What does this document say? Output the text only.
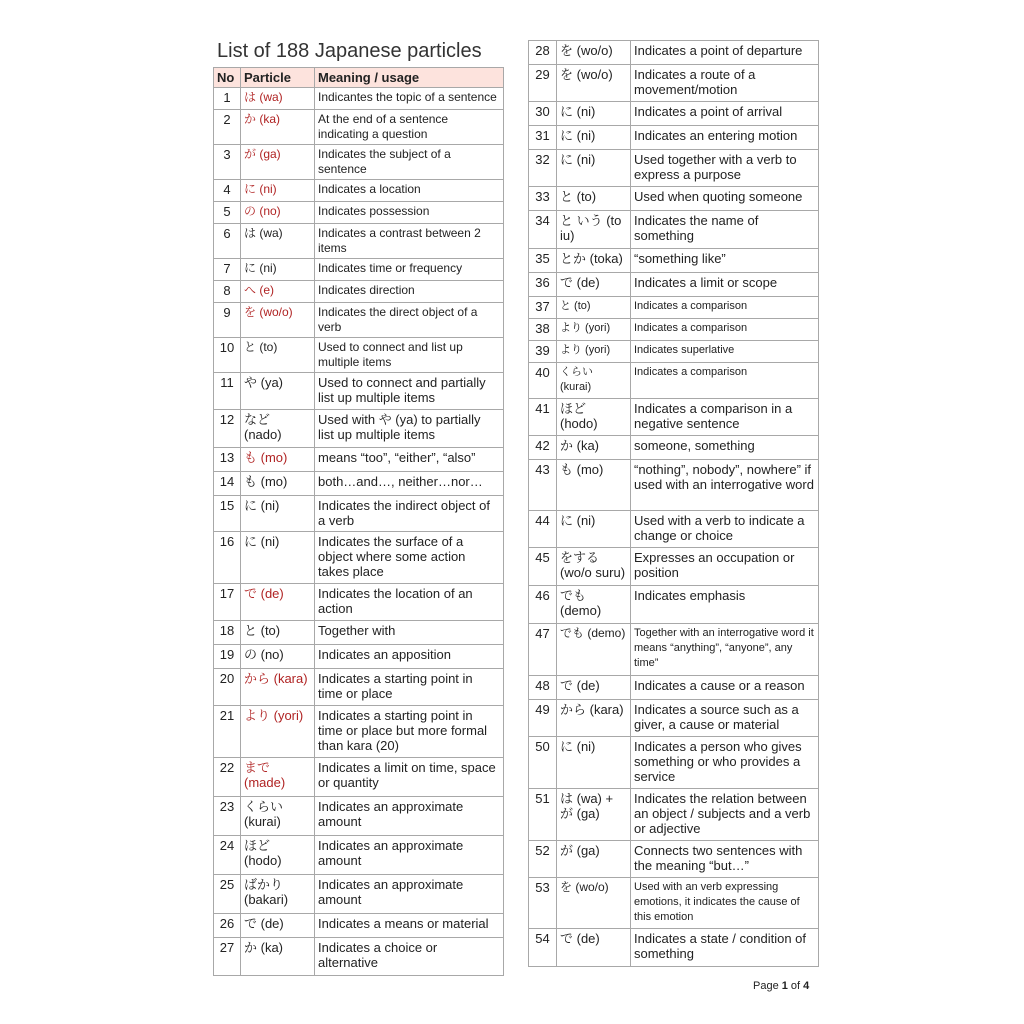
List of 188 Japanese particles
No	Particle	Meaning / usage
1	は (wa)	Indicantes the topic of a sentence
2	か (ka)	At the end of a sentence indicating a question
3	が (ga)	Indicates the subject of a sentence
4	に (ni)	Indicates a location
5	の (no)	Indicates possession
6	は (wa)	Indicates a contrast between 2 items
7	に (ni)	Indicates time or frequency
8	へ (e)	Indicates direction
9	を (wo/o)	Indicates the direct object of a verb
10	と (to)	Used to connect and list up multiple items
11	や (ya)	Used to connect and partially list up multiple items
12	など (nado)	Used with や (ya) to partially list up multiple items
13	も (mo)	means “too”, “either”, “also”
14	も (mo)	both…and…, neither…nor…
15	に (ni)	Indicates the indirect object of a verb
16	に (ni)	Indicates the surface of a object where some action takes place
17	で (de)	Indicates the location of an action
18	と (to)	Together with
19	の (no)	Indicates an apposition
20	から (kara)	Indicates a starting point in time or place
21	より (yori)	Indicates a starting point in time or place but more formal than kara (20)
22	まで (made)	Indicates a limit on time, space or quantity
23	くらい (kurai)	Indicates an approximate amount
24	ほど (hodo)	Indicates an approximate amount
25	ばかり (bakari)	Indicates an approximate amount
26	で (de)	Indicates a means or material
27	か (ka)	Indicates a choice or alternative
28	を (wo/o)	Indicates a point of departure
29	を (wo/o)	Indicates a route of a movement/motion
30	に (ni)	Indicates a point of arrival
31	に (ni)	Indicates an entering motion
32	に (ni)	Used together with a verb to express a purpose
33	と (to)	Used when quoting someone
34	と いう (to iu)	Indicates the name of something
35	とか (toka)	“something like”
36	で (de)	Indicates a limit or scope
37	と (to)	Indicates a comparison
38	より (yori)	Indicates a comparison
39	より (yori)	Indicates superlative
40	くらい (kurai)	Indicates a comparison
41	ほど (hodo)	Indicates a comparison in a negative sentence
42	か (ka)	someone, something
43	も (mo)	“nothing”, nobody”, nowhere” if used with an interrogative word
44	に (ni)	Used with a verb to indicate a change or choice
45	をする (wo/o suru)	Expresses an occupation or position
46	でも (demo)	Indicates emphasis
47	でも (demo)	Together with an interrogative word it means “anything”, “anyone”, any time”
48	で (de)	Indicates a cause or a reason
49	から (kara)	Indicates a source such as a giver, a cause or material
50	に (ni)	Indicates a person who gives something or who provides a service
51	は (wa) + が (ga)	Indicates the relation between an object / subjects and a verb or adjective
52	が (ga)	Connects two sentences with the meaning “but…”
53	を (wo/o)	Used with an verb expressing emotions, it indicates the cause of this emotion
54	で (de)	Indicates a state / condition of something
Page 1 of 4
